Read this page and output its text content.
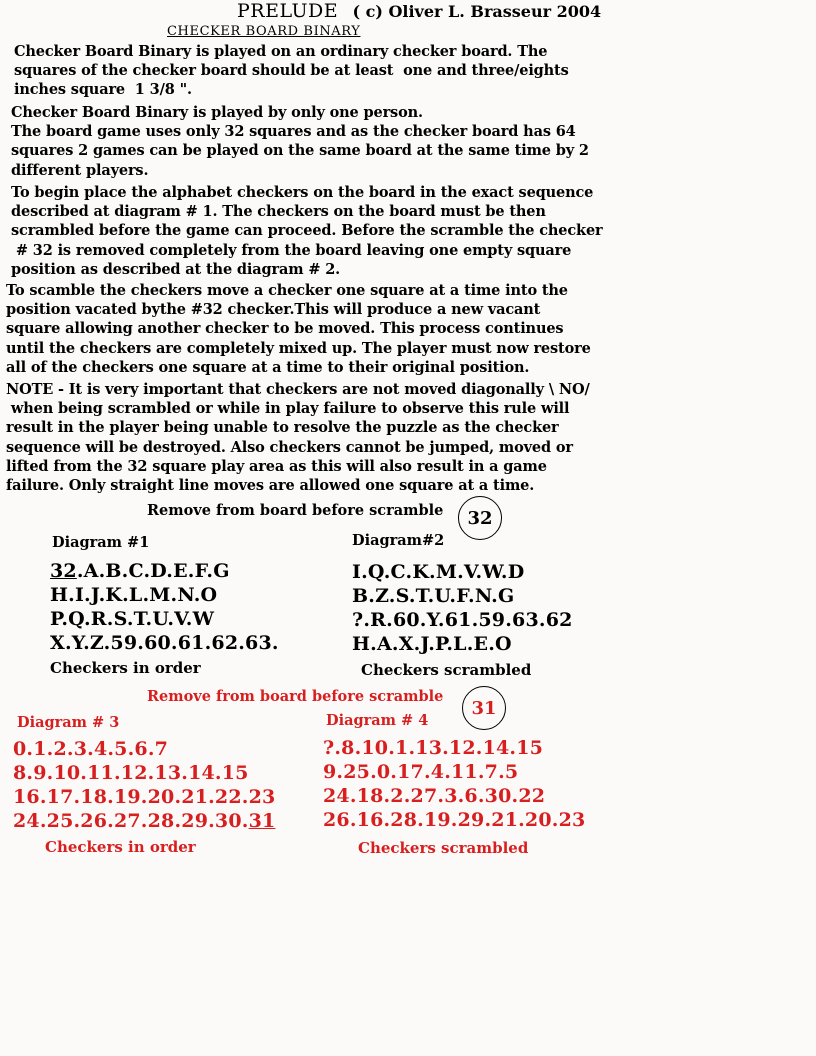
PRELUDE ( c) Oliver L. Brasseur 2004
CHECKER BOARD BINARY
Checker Board Binary is played on an ordinary checker board. The
squares of the checker board should be at least  one and three/eights
inches square  1 3/8 ".
Checker Board Binary is played by only one person.
The board game uses only 32 squares and as the checker board has 64
squares 2 games can be played on the same board at the same time by 2
different players.
To begin place the alphabet checkers on the board in the exact sequence
described at diagram # 1. The checkers on the board must be then
scrambled before the game can proceed. Before the scramble the checker
# 32 is removed completely from the board leaving one empty square
position as described at the diagram # 2.
To scamble the checkers move a checker one square at a time into the
position vacated bythe #32 checker.This will produce a new vacant
square allowing another checker to be moved. This process continues
until the checkers are completely mixed up. The player must now restore
all of the checkers one square at a time to their original position.
NOTE - It is very important that checkers are not moved diagonally \ NO/
when being scrambled or while in play failure to observe this rule will
result in the player being unable to resolve the puzzle as the checker
sequence will be destroyed. Also checkers cannot be jumped, moved or
lifted from the 32 square play area as this will also result in a game
failure. Only straight line moves are allowed one square at a time.
Remove from board before scramble 32
Diagram #1	Diagram#2
32.A.B.C.D.E.F.G
H.I.J.K.L.M.N.O
P.Q.R.S.T.U.V.W
X.Y.Z.59.60.61.62.63.
Checkers in order
I.Q.C.K.M.V.W.D
B.Z.S.T.U.F.N.G
?.R.60.Y.61.59.63.62
H.A.X.J.P.L.E.O
Checkers scrambled
Remove from board before scramble
31
Diagram # 3	Diagram # 4
0.1.2.3.4.5.6.7
8.9.10.11.12.13.14.15
16.17.18.19.20.21.22.23
24.25.26.27.28.29.30.31
Checkers in order
?.8.10.1.13.12.14.15
9.25.0.17.4.11.7.5
24.18.2.27.3.6.30.22
26.16.28.19.29.21.20.23
Checkers scrambled
